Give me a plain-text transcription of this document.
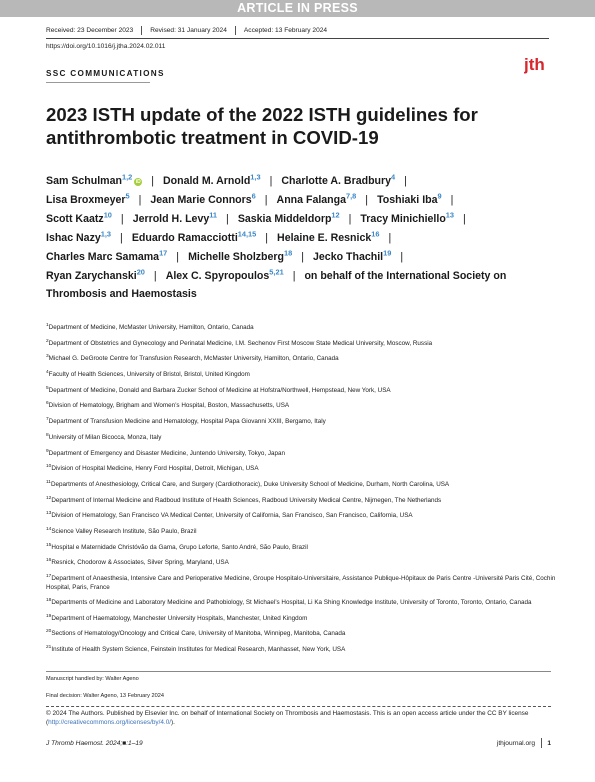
ARTICLE IN PRESS
Received: 23 December 2023	Revised: 31 January 2024	Accepted: 13 February 2024
https://doi.org/10.1016/j.jtha.2024.02.011
SSC COMMUNICATIONS	jth
2023 ISTH update of the 2022 ISTH guidelines for antithrombotic treatment in COVID-19
Sam Schulman$^{1,2}$iD | Donald M. Arnold$^{1,3}$ | Charlotte A. Bradbury$^4$ |
Lisa Broxmeyer$^5$ | Jean Marie Connors$^6$ | Anna Falanga$^{7,8}$ | Toshiaki Iba$^9$ |
Scott Kaatz$^{10}$ | Jerrold H. Levy$^{11}$ | Saskia Middeldorp$^{12}$ | Tracy Minichiello$^{13}$ |
Ishac Nazy$^{1,3}$ | Eduardo Ramacciotti$^{14,15}$ | Helaine E. Resnick$^{16}$ |
Charles Marc Samama$^{17}$ | Michelle Sholzberg$^{18}$ | Jecko Thachil$^{19}$ |
Ryan Zarychanski$^{20}$ | Alex C. Spyropoulos$^{5,21}$ | on behalf of the International Society on Thrombosis and Haemostasis
$^1$Department of Medicine, McMaster University, Hamilton, Ontario, Canada
$^2$Department of Obstetrics and Gynecology and Perinatal Medicine, I.M. Sechenov First Moscow State Medical University, Moscow, Russia
$^3$Michael G. DeGroote Centre for Transfusion Research, McMaster University, Hamilton, Ontario, Canada
$^4$Faculty of Health Sciences, University of Bristol, Bristol, United Kingdom
$^5$Department of Medicine, Donald and Barbara Zucker School of Medicine at Hofstra/Northwell, Hempstead, New York, USA
$^6$Division of Hematology, Brigham and Women’s Hospital, Boston, Massachusetts, USA
$^7$Department of Transfusion Medicine and Hematology, Hospital Papa Giovanni XXIII, Bergamo, Italy
$^8$University of Milan Bicocca, Monza, Italy
$^9$Department of Emergency and Disaster Medicine, Juntendo University, Tokyo, Japan
$^{10}$Division of Hospital Medicine, Henry Ford Hospital, Detroit, Michigan, USA
$^{11}$Departments of Anesthesiology, Critical Care, and Surgery (Cardiothoracic), Duke University School of Medicine, Durham, North Carolina, USA
$^{12}$Department of Internal Medicine and Radboud Institute of Health Sciences, Radboud University Medical Centre, Nijmegen, The Netherlands
$^{13}$Division of Hematology, San Francisco VA Medical Center, University of California, San Francisco, San Francisco, California, USA
$^{14}$Science Valley Research Institute, São Paulo, Brazil
$^{15}$Hospital e Maternidade Christóvão da Gama, Grupo Leforte, Santo André, São Paulo, Brazil
$^{16}$Resnick, Chodorow & Associates, Silver Spring, Maryland, USA
$^{17}$Department of Anaesthesia, Intensive Care and Perioperative Medicine, Groupe Hospitalo-Universitaire, Assistance Publique-Hôpitaux de Paris Centre -Université Paris Cité, Cochin Hospital, Paris, France
$^{18}$Departments of Medicine and Laboratory Medicine and Pathobiology, St Michael’s Hospital, Li Ka Shing Knowledge Institute, University of Toronto, Toronto, Ontario, Canada
$^{19}$Department of Haematology, Manchester University Hospitals, Manchester, United Kingdom
$^{20}$Sections of Hematology/Oncology and Critical Care, University of Manitoba, Winnipeg, Manitoba, Canada
$^{21}$Institute of Health System Science, Feinstein Institutes for Medical Research, Manhasset, New York, USA
Manuscript handled by: Walter Ageno
Final decision: Walter Ageno, 13 February 2024
© 2024 The Authors. Published by Elsevier Inc. on behalf of International Society on Thrombosis and Haemostasis. This is an open access article under the CC BY license (http://creativecommons.org/licenses/by/4.0/).
J Thromb Haemost. 2024;■:1–19	jthjournal.org 1
